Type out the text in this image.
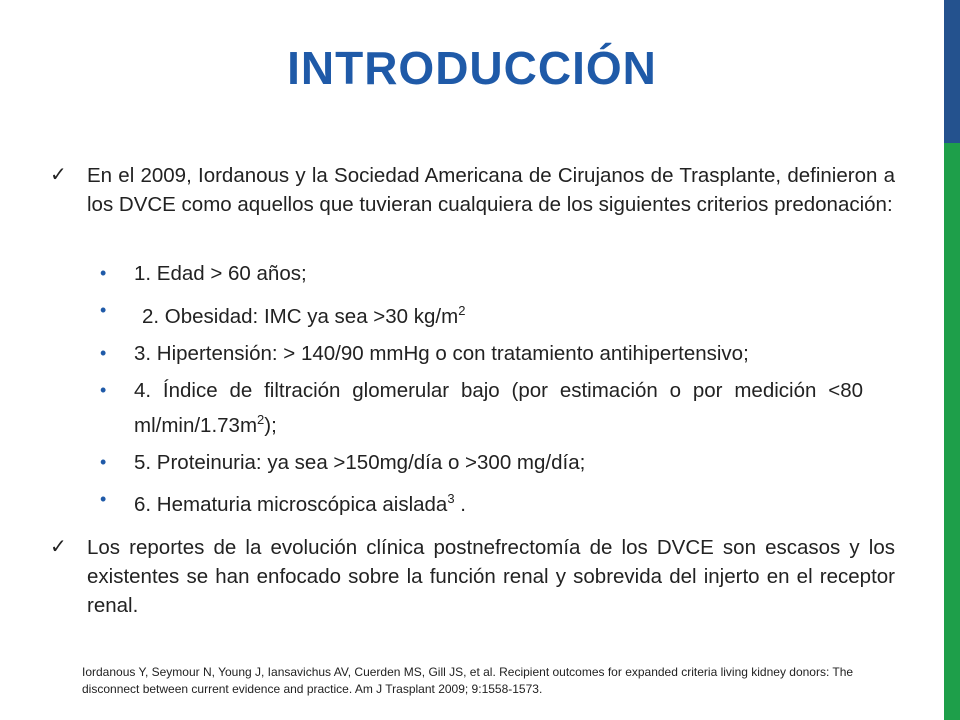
INTRODUCCIÓN
✓ En el 2009, Iordanous y la Sociedad Americana de Cirujanos de Trasplante, definieron a los DVCE como aquellos que tuvieran cualquiera de los siguientes criterios predonación:
• 1. Edad > 60 años;
• 2. Obesidad: IMC ya sea >30 $kg/m^2$
• 3. Hipertensión: > 140/90 mmHg o con tratamiento antihipertensivo;
• 4. Índice de filtración glomerular bajo (por estimación o por medición <80 $ml/\min/1.73m^2$);
• 5. Proteinuria: ya sea >150mg/día o >300 mg/día;
• 6. Hematuria microscópica aislada$^3$ .
✓ Los reportes de la evolución clínica postnefrectomía de los DVCE son escasos y los existentes se han enfocado sobre la función renal y sobrevida del injerto en el receptor renal.
Iordanous Y, Seymour N, Young J, Iansavichus AV, Cuerden MS, Gill JS, et al. Recipient outcomes for expanded criteria living kidney donors: The disconnect between current evidence and practice. Am J Trasplant 2009; 9:1558-1573.
